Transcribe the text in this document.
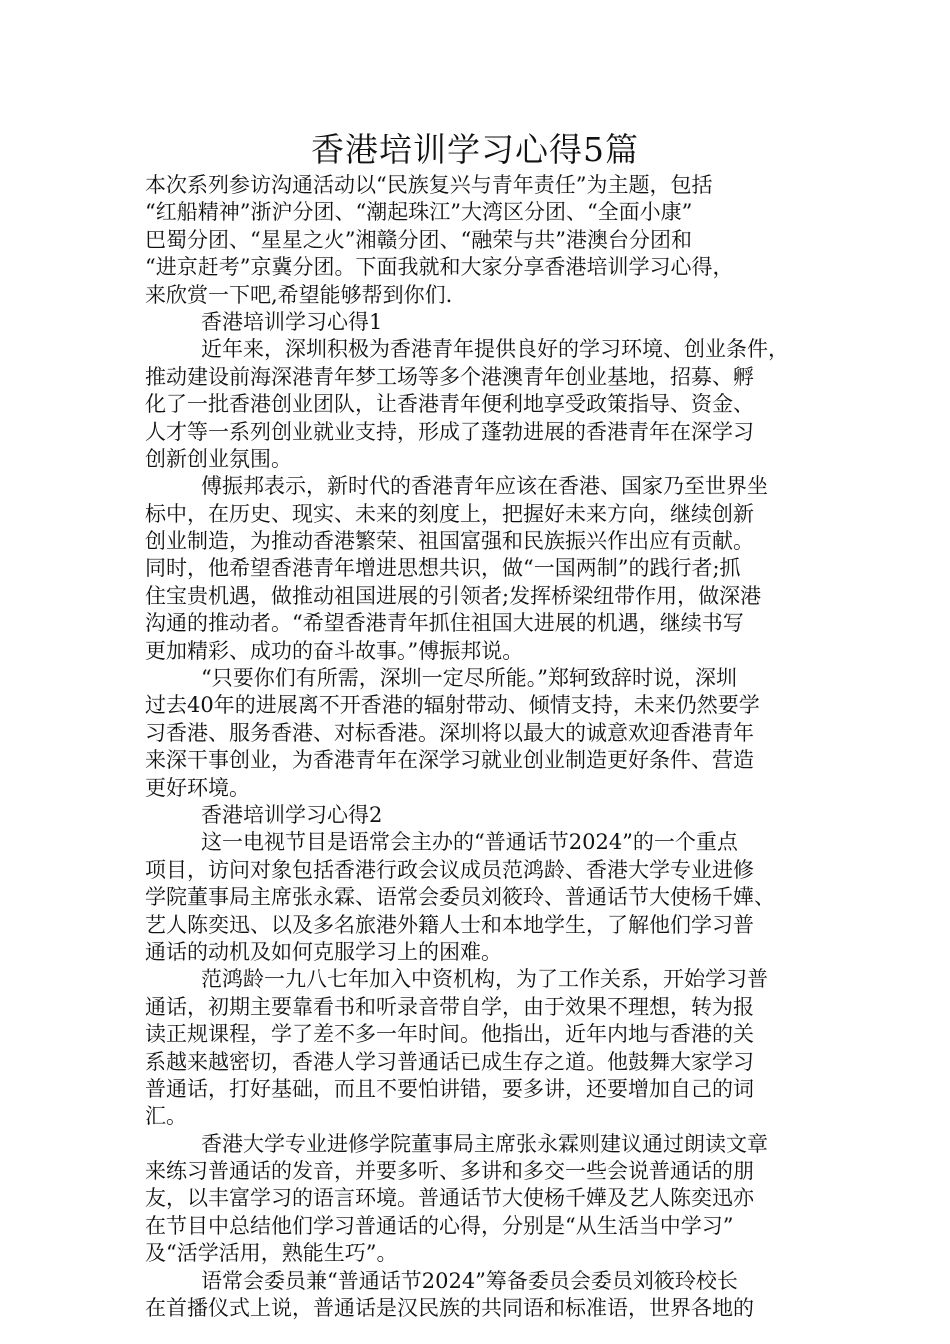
香港培训学习心得5篇
本次系列参访沟通活动以“民族复兴与青年责任”为主题，包括
“红船精神”浙沪分团、“潮起珠江”大湾区分团、“全面小康”
巴蜀分团、“星星之火”湘赣分团、“融荣与共”港澳台分团和
“进京赶考”京冀分团。下面我就和大家分享香港培训学习心得，
来欣赏一下吧,希望能够帮到你们.
香港培训学习心得1
近年来，深圳积极为香港青年提供良好的学习环境、创业条件，
推动建设前海深港青年梦工场等多个港澳青年创业基地，招募、孵
化了一批香港创业团队，让香港青年便利地享受政策指导、资金、
人才等一系列创业就业支持，形成了蓬勃进展的香港青年在深学习
创新创业氛围。
傅振邦表示，新时代的香港青年应该在香港、国家乃至世界坐
标中，在历史、现实、未来的刻度上，把握好未来方向，继续创新
创业制造，为推动香港繁荣、祖国富强和民族振兴作出应有贡献。
同时，他希望香港青年增进思想共识，做“一国两制”的践行者;抓
住宝贵机遇，做推动祖国进展的引领者;发挥桥梁纽带作用，做深港
沟通的推动者。“希望香港青年抓住祖国大进展的机遇，继续书写
更加精彩、成功的奋斗故事。”傅振邦说。
“只要你们有所需，深圳一定尽所能。”郑轲致辞时说，深圳
过去40年的进展离不开香港的辐射带动、倾情支持，未来仍然要学
习香港、服务香港、对标香港。深圳将以最大的诚意欢迎香港青年
来深干事创业，为香港青年在深学习就业创业制造更好条件、营造
更好环境。
香港培训学习心得2
这一电视节目是语常会主办的“普通话节2024”的一个重点
项目，访问对象包括香港行政会议成员范鸿龄、香港大学专业进修
学院董事局主席张永霖、语常会委员刘筱玲、普通话节大使杨千嬅、
艺人陈奕迅、以及多名旅港外籍人士和本地学生，了解他们学习普
通话的动机及如何克服学习上的困难。
范鸿龄一九八七年加入中资机构，为了工作关系，开始学习普
通话，初期主要靠看书和听录音带自学，由于效果不理想，转为报
读正规课程，学了差不多一年时间。他指出，近年内地与香港的关
系越来越密切，香港人学习普通话已成生存之道。他鼓舞大家学习
普通话，打好基础，而且不要怕讲错，要多讲，还要增加自己的词
汇。
香港大学专业进修学院董事局主席张永霖则建议通过朗读文章
来练习普通话的发音，并要多听、多讲和多交一些会说普通话的朋
友，以丰富学习的语言环境。普通话节大使杨千嬅及艺人陈奕迅亦
在节目中总结他们学习普通话的心得，分别是“从生活当中学习”
及“活学活用，熟能生巧”。
语常会委员兼“普通话节2024”筹备委员会委员刘筱玲校长
在首播仪式上说，普通话是汉民族的共同语和标准语，世界各地的
